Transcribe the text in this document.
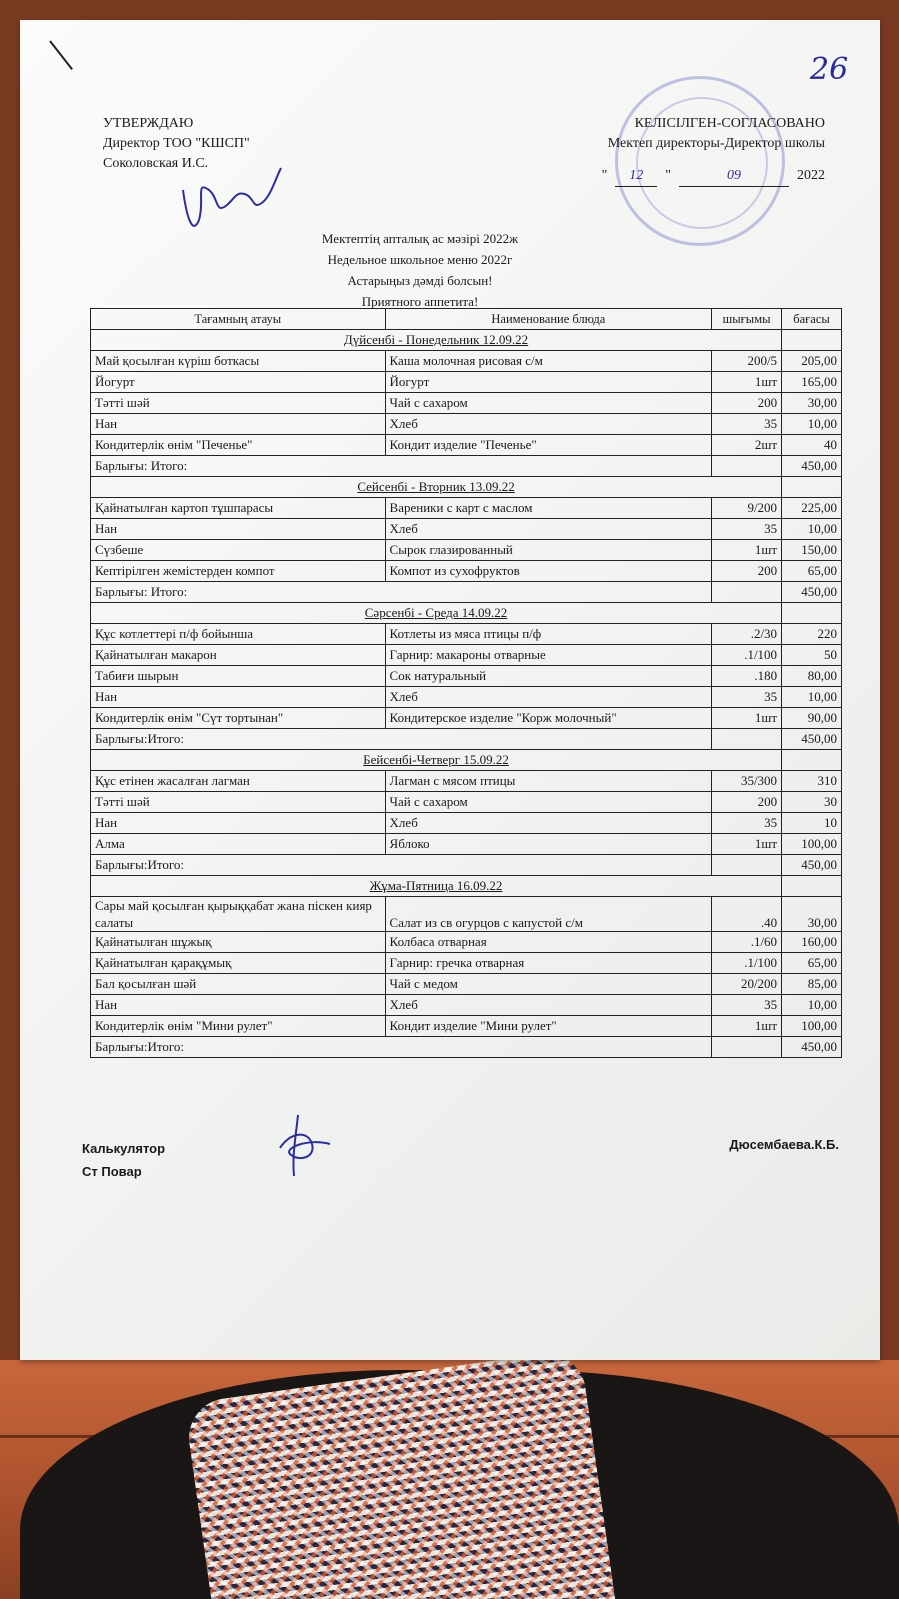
26
УТВЕРЖДАЮ
Директор ТОО "КШСП"
Соколовская И.С.
КЕЛІСІЛГЕН-СОГЛАСОВАНО
Мектеп директоры-Директор школы
"	12	"	09	2022
Мектептің апталық ас мәзірі 2022ж
Недельное школьное меню 2022г
Астарыңыз дәмді болсын!
Приятного аппетита!
Тағамның атауы	Наименование блюда	шығымы	бағасы
Дүйсенбі - Понедельник 12.09.22			
Май қосылған күріш боткасы	Каша молочная рисовая с/м	200/5	205,00
Йогурт	Йогурт	1шт	165,00
Тәтті шәй	Чай с сахаром	200	30,00
Нан	Хлеб	35	10,00
Кондитерлік өнім "Печенье"	Кондит изделие "Печенье"	2шт	40
Барлығы: Итого:			450,00
Сейсенбі - Вторник 13.09.22			
Қайнатылған картоп тұшпарасы	Вареники с карт с маслом	9/200	225,00
Нан	Хлеб	35	10,00
Сүзбеше	Сырок глазированный	1шт	150,00
Кептірілген жемістерден компот	Компот из сухофруктов	200	65,00
Барлығы: Итого:			450,00
Сәрсенбі - Среда 14.09.22			
Құс котлеттері п/ф бойынша	Котлеты из мяса птицы п/ф	.2/30	220
Қайнатылған макарон	Гарнир: макароны отварные	.1/100	50
Табиғи шырын	Сок натуральный	.180	80,00
Нан	Хлеб	35	10,00
Кондитерлік өнім "Сүт тортынан"	Кондитерское изделие "Корж молочный"	1шт	90,00
Барлығы:Итого:			450,00
Бейсенбі-Четверг 15.09.22			
Құс етінен жасалған лагман	Лагман с мясом птицы	35/300	310
Тәтті шәй	Чай с сахаром	200	30
Нан	Хлеб	35	10
Алма	Яблоко	1шт	100,00
Барлығы:Итого:			450,00
Жұма-Пятница 16.09.22			
Сары май қосылған қырыққабат жана піскен кияр салаты	Салат из св огурцов с капустой с/м	.40	30,00
Қайнатылған шұжық	Колбаса отварная	.1/60	160,00
Қайнатылған қарақұмық	Гарнир: гречка отварная	.1/100	65,00
Бал қосылған шәй	Чай с медом	20/200	85,00
Нан	Хлеб	35	10,00
Кондитерлік өнім "Мини рулет"	Кондит изделие "Мини рулет"	1шт	100,00
Барлығы:Итого:			450,00
Калькулятор
Ст Повар
Дюсембаева.К.Б.
